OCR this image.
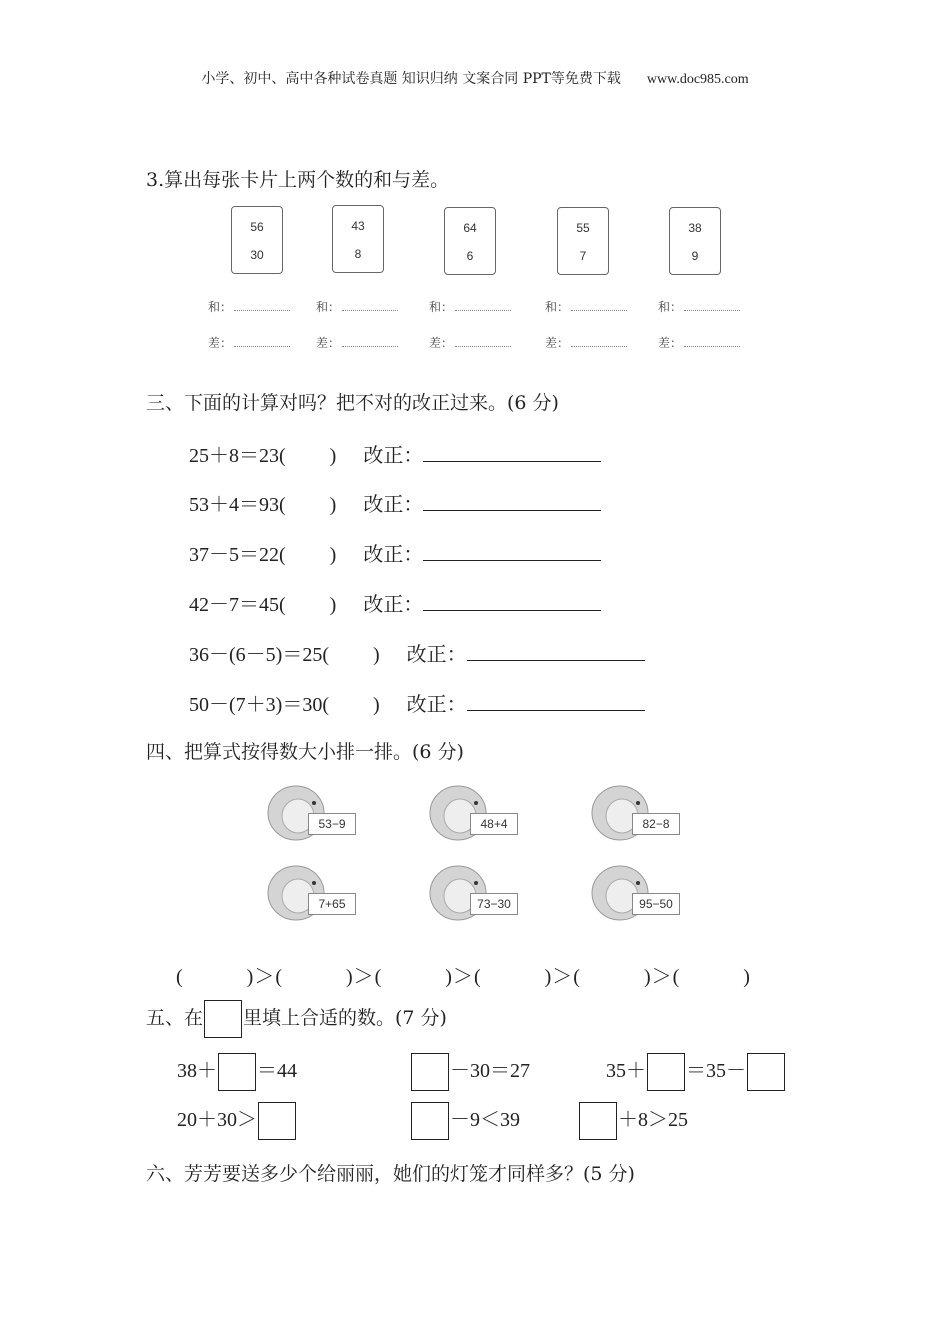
小学、初中、高中各种试卷真题 知识归纳 文案合同 PPT等免费下载 www.doc985.com
3.算出每张卡片上两个数的和与差。
56
30
43
8
64
6
55
7
38
9
和：	和：	和：	和：	和：
差：	差：	差：	差：	差：
三、下面的计算对吗？把不对的改正过来。(6 分)
25＋8＝23( ) 改正：
53＋4＝93( ) 改正：
37－5＝22( ) 改正：
42－7＝45( ) 改正：
36－(6－5)＝25( ) 改正：
50－(7＋3)＝30( ) 改正：
四、把算式按得数大小排一排。(6 分)
53−9	48+4	82−8
7+65	73−30	95−50
(　　　)＞(　　　)＞(　　　)＞(　　　)＞(　　　)＞(　　　)
五、在 里填上合适的数。(7 分)
38＋ ＝44	－30＝27	35＋ ＝35－
20＋30＞	－9＜39	＋8＞25
六、芳芳要送多少个给丽丽，她们的灯笼才同样多？(5 分)
